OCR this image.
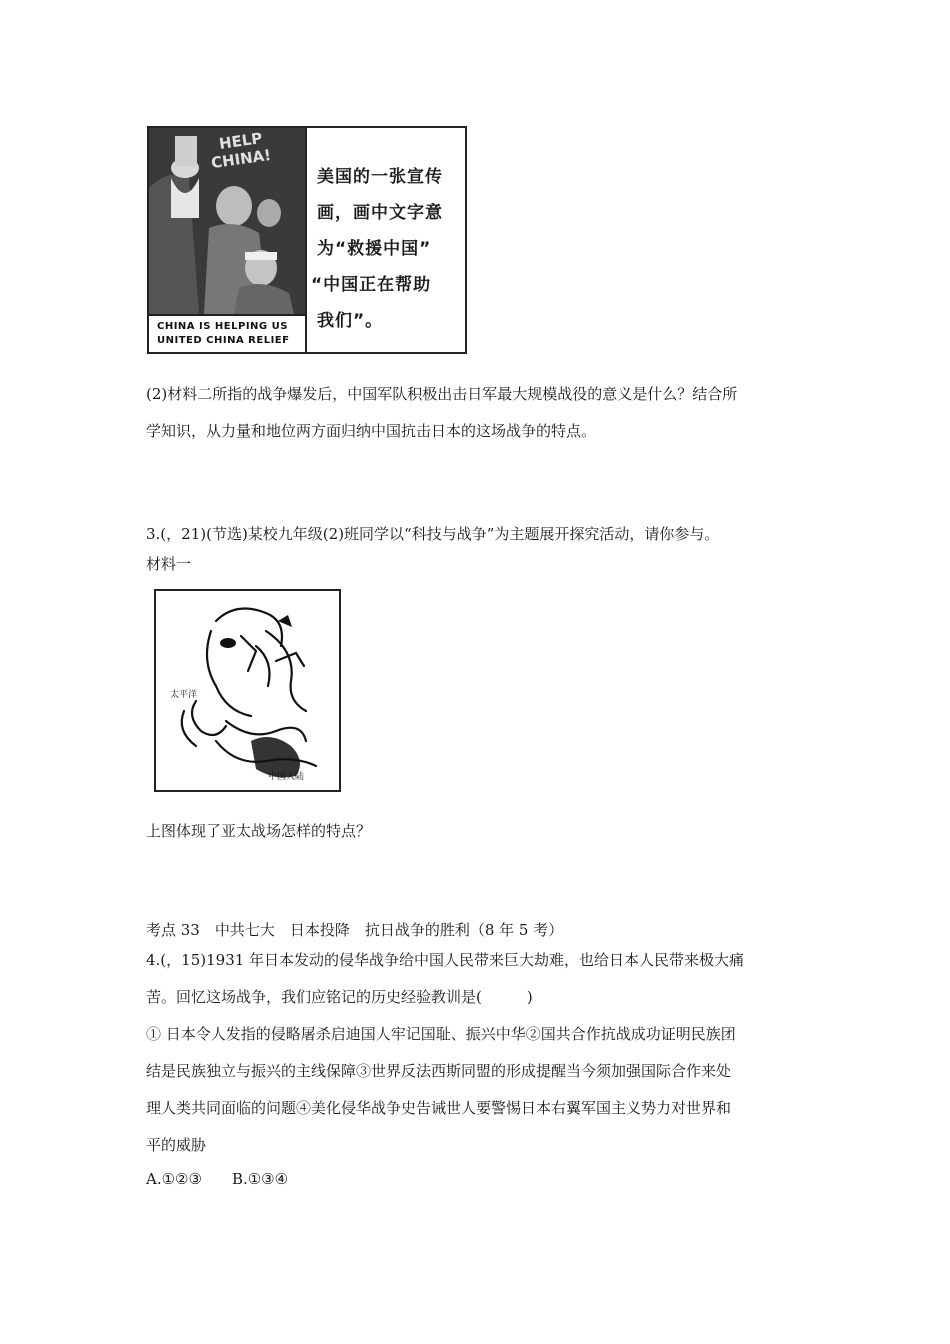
HELP
CHINA!
CHINA IS HELPING US
UNITED CHINA RELIEF
美国的一张宣传
画，画中文字意
为“救援中国”
“中国正在帮助
我们”。
(2)材料二所指的战争爆发后，中国军队积极出击日军最大规模战役的意义是什么？结合所
学知识，从力量和地位两方面归纳中国抗击日本的这场战争的特点。
3.(，21)(节选)某校九年级(2)班同学以“科技与战争”为主题展开探究活动，请你参与。
材料一
太平洋
中国大陆
上图体现了亚太战场怎样的特点？
考点 33　中共七大　日本投降　抗日战争的胜利（8 年 5 考）
4.(，15)1931 年日本发动的侵华战争给中国人民带来巨大劫难，也给日本人民带来极大痛
苦。回忆这场战争，我们应铭记的历史经验教训是(　　　)
① 日本令人发指的侵略屠杀启迪国人牢记国耻、振兴中华②国共合作抗战成功证明民族团
结是民族独立与振兴的主线保障③世界反法西斯同盟的形成提醒当今须加强国际合作来处
理人类共同面临的问题④美化侵华战争史告诫世人要警惕日本右翼军国主义势力对世界和
平的威胁
A.①②③　　B.①③④
